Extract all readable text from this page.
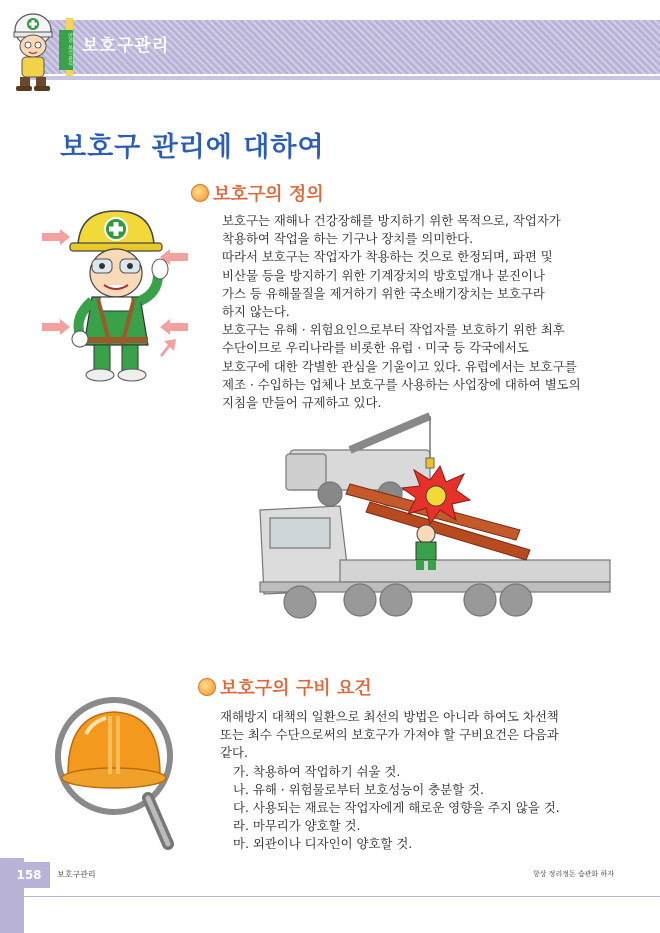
안전 보건 관리 보호구관리
보호구 관리에 대하여
보호구의 정의
보호구는 재해나 건강장해를 방지하기 위한 목적으로, 작업자가
착용하여 작업을 하는 기구나 장치를 의미한다.
따라서 보호구는 작업자가 착용하는 것으로 한정되며, 파편 및
비산물 등을 방지하기 위한 기계장치의 방호덮개나 분진이나
가스 등 유해물질을 제거하기 위한 국소배기장치는 보호구라
하지 않는다.
보호구는 유해 · 위험요인으로부터 작업자를 보호하기 위한 최후
수단이므로 우리나라를 비롯한 유럽 · 미국 등 각국에서도
보호구에 대한 각별한 관심을 기울이고 있다. 유럽에서는 보호구를
제조 · 수입하는 업체나 보호구를 사용하는 사업장에 대하여 별도의
지침을 만들어 규제하고 있다.
보호구의 구비 요건
재해방지 대책의 일환으로 최선의 방법은 아니라 하여도 차선책
또는 최수 수단으로써의 보호구가 가져야 할 구비요건은 다음과
같다.
가. 착용하여 작업하기 쉬울 것.
나. 유해 · 위험물로부터 보호성능이 충분할 것.
다. 사용되는 재료는 작업자에게 해로운 영향을 주지 않을 것.
라. 마무리가 양호할 것.
마. 외관이나 디자인이 양호할 것.
158	보호구관리	항상 정리정돈 습관화 하자
